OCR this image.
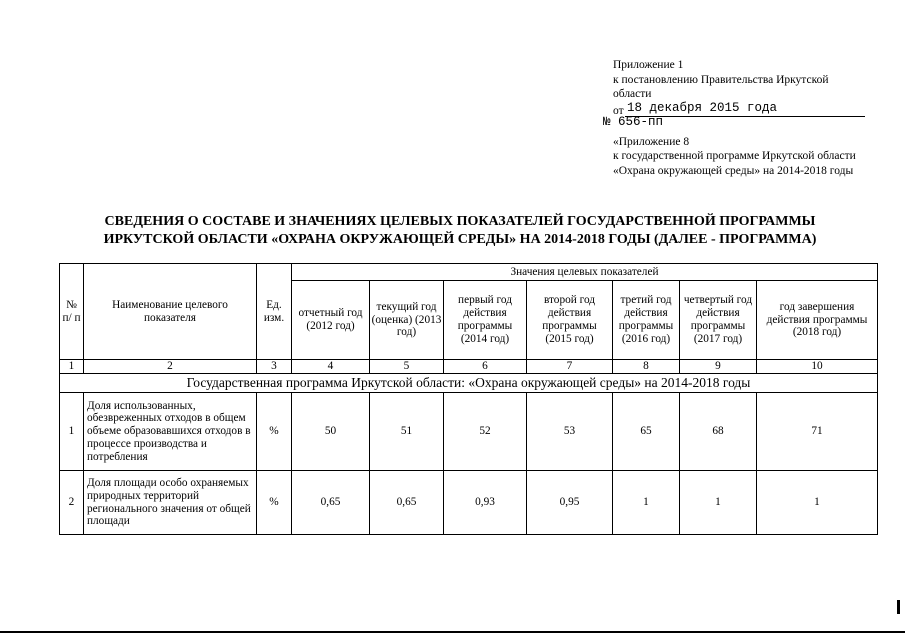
Приложение 1
к постановлению Правительства Иркутской области
от 18 декабря 2015 года
№ 656-пп
«Приложение 8
к государственной программе Иркутской области «Охрана окружающей среды» на 2014-2018 годы
СВЕДЕНИЯ О СОСТАВЕ И ЗНАЧЕНИЯХ ЦЕЛЕВЫХ ПОКАЗАТЕЛЕЙ ГОСУДАРСТВЕННОЙ ПРОГРАММЫ
ИРКУТСКОЙ ОБЛАСТИ «ОХРАНА ОКРУЖАЮЩЕЙ СРЕДЫ» НА 2014-2018 ГОДЫ (ДАЛЕЕ - ПРОГРАММА)
№ п/ п	Наименование целевого показателя	Ед. изм.	Значения целевых показателей						
			отчетный год (2012 год)	текущий год (оценка) (2013 год)	первый год действия программы (2014 год)	второй год действия программы (2015 год)	третий год действия программы (2016 год)	четвертый год действия программы (2017 год)	год завершения действия программы (2018 год)
1	2	3	4	5	6	7	8	9	10
Государственная программа Иркутской области: «Охрана окружающей среды» на 2014-2018 годы									
1	Доля использованных, обезвреженных отходов в общем объеме образовавшихся отходов в процессе производства и потребления	%	50	51	52	53	65	68	71
2	Доля площади особо охраняемых природных территорий регионального значения от общей площади	%	0,65	0,65	0,93	0,95	1	1	1
